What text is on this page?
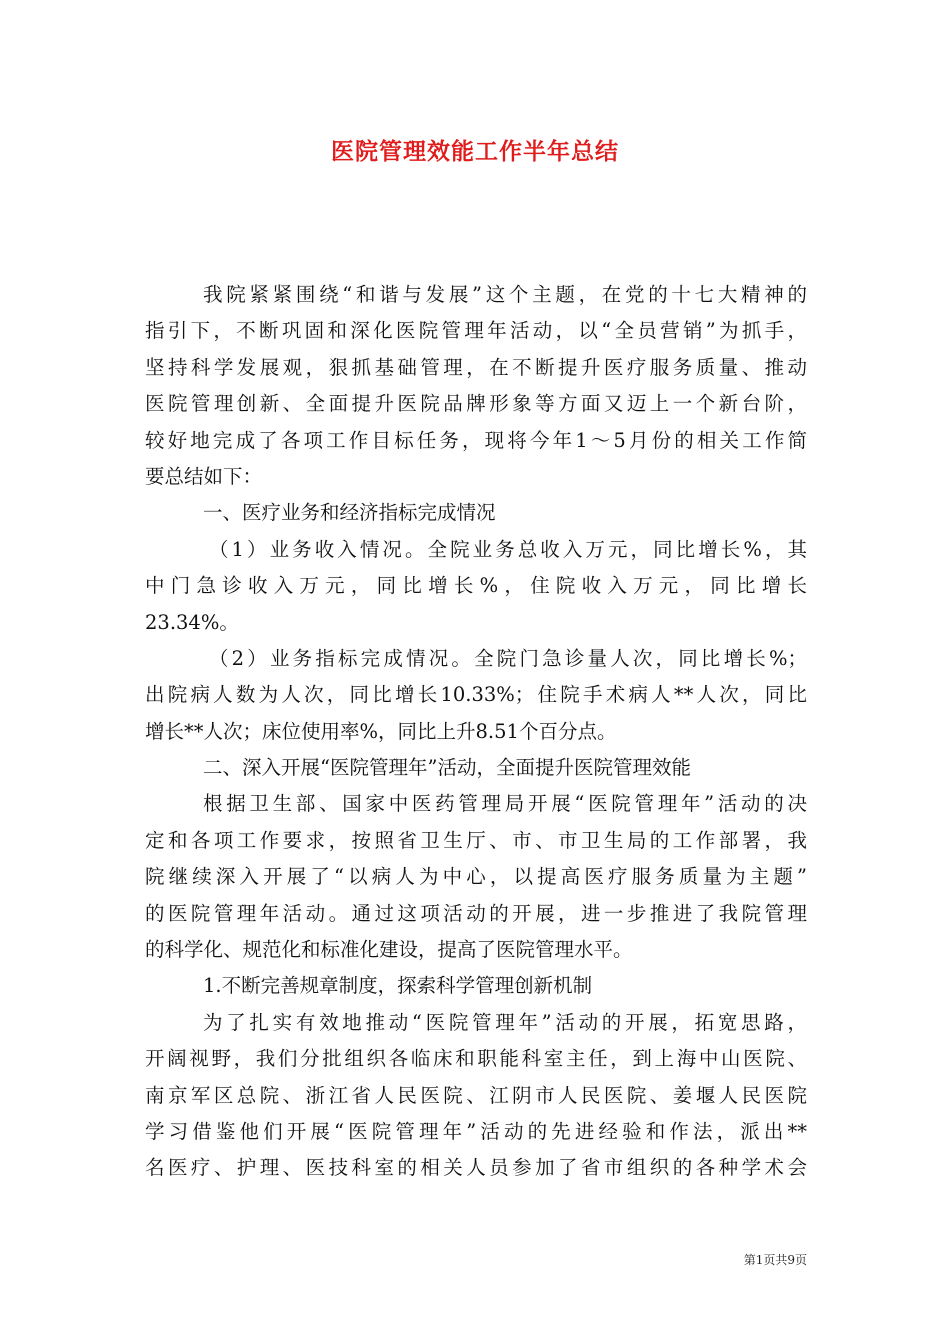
医院管理效能工作半年总结
我院紧紧围绕“和谐与发展”这个主题，在党的十七大精神的
指引下，不断巩固和深化医院管理年活动，以“全员营销”为抓手，
坚持科学发展观，狠抓基础管理，在不断提升医疗服务质量、推动
医院管理创新、全面提升医院品牌形象等方面又迈上一个新台阶，
较好地完成了各项工作目标任务，现将今年1～5月份的相关工作简
要总结如下：
一、医疗业务和经济指标完成情况
（1）业务收入情况。全院业务总收入万元，同比增长%，其
中门急诊收入万元，同比增长%，住院收入万元，同比增长
23.34%。
（2）业务指标完成情况。全院门急诊量人次，同比增长%；
出院病人数为人次，同比增长10.33%；住院手术病人**人次，同比
增长**人次；床位使用率%，同比上升8.51个百分点。
二、深入开展“医院管理年”活动，全面提升医院管理效能
根据卫生部、国家中医药管理局开展“医院管理年”活动的决
定和各项工作要求，按照省卫生厅、市、市卫生局的工作部署，我
院继续深入开展了“以病人为中心，以提高医疗服务质量为主题”
的医院管理年活动。通过这项活动的开展，进一步推进了我院管理
的科学化、规范化和标准化建设，提高了医院管理水平。
1.不断完善规章制度，探索科学管理创新机制
为了扎实有效地推动“医院管理年”活动的开展，拓宽思路，
开阔视野，我们分批组织各临床和职能科室主任，到上海中山医院、
南京军区总院、浙江省人民医院、江阴市人民医院、姜堰人民医院
学习借鉴他们开展“医院管理年”活动的先进经验和作法，派出**
名医疗、护理、医技科室的相关人员参加了省市组织的各种学术会
第1页共9页
